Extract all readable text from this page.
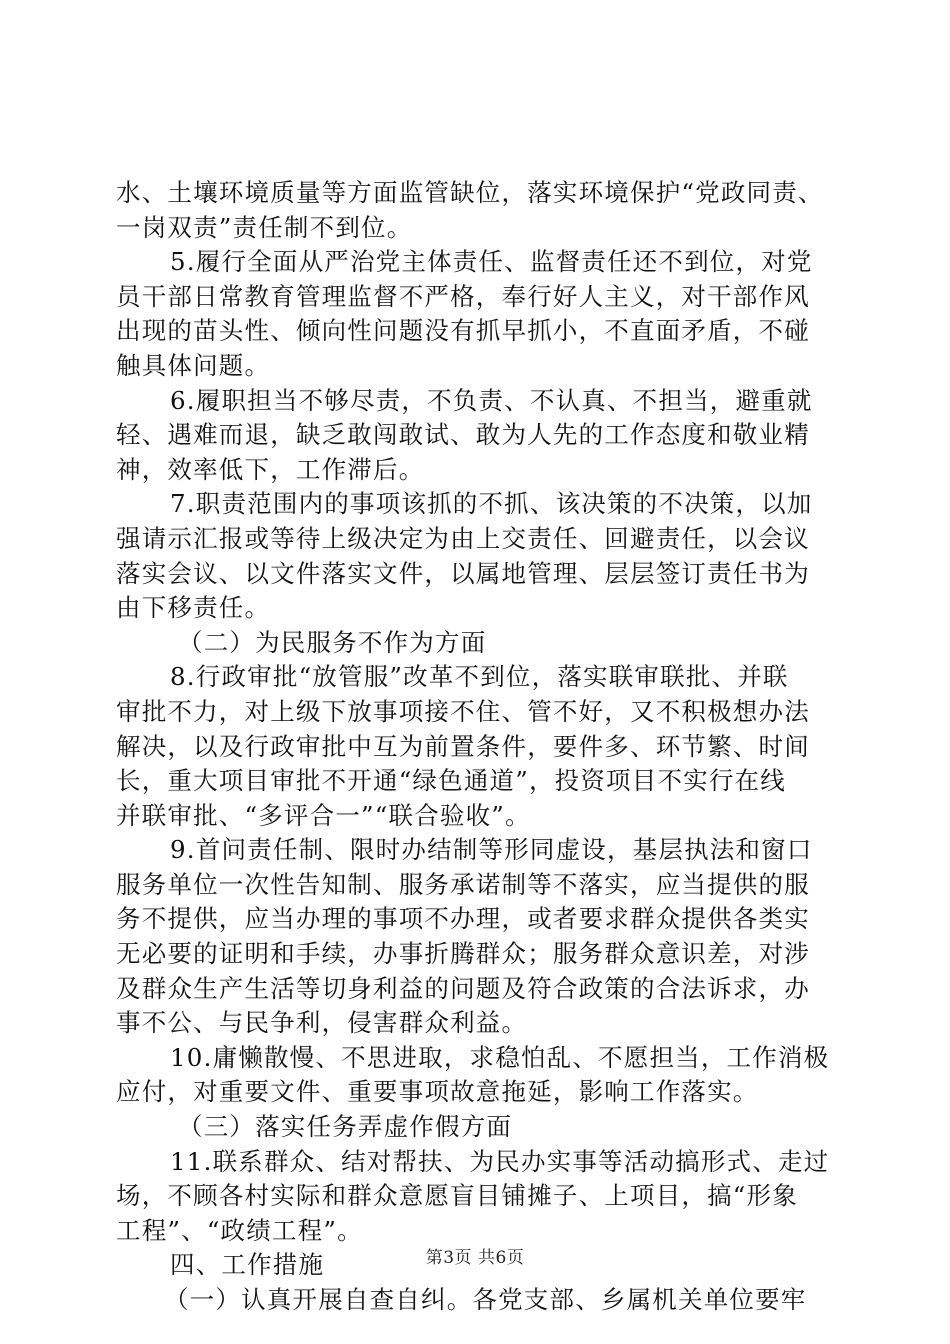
水、土壤环境质量等方面监管缺位，落实环境保护“党政同责、
一岗双责”责任制不到位。
5.履行全面从严治党主体责任、监督责任还不到位，对党
员干部日常教育管理监督不严格，奉行好人主义，对干部作风
出现的苗头性、倾向性问题没有抓早抓小，不直面矛盾，不碰
触具体问题。
6.履职担当不够尽责，不负责、不认真、不担当，避重就
轻、遇难而退，缺乏敢闯敢试、敢为人先的工作态度和敬业精
神，效率低下，工作滞后。
7.职责范围内的事项该抓的不抓、该决策的不决策，以加
强请示汇报或等待上级决定为由上交责任、回避责任，以会议
落实会议、以文件落实文件，以属地管理、层层签订责任书为
由下移责任。
（二）为民服务不作为方面
8.行政审批“放管服”改革不到位，落实联审联批、并联
审批不力，对上级下放事项接不住、管不好，又不积极想办法
解决，以及行政审批中互为前置条件，要件多、环节繁、时间
长，重大项目审批不开通“绿色通道”，投资项目不实行在线
并联审批、“多评合一”“联合验收”。
9.首问责任制、限时办结制等形同虚设，基层执法和窗口
服务单位一次性告知制、服务承诺制等不落实，应当提供的服
务不提供，应当办理的事项不办理，或者要求群众提供各类实
无必要的证明和手续，办事折腾群众；服务群众意识差，对涉
及群众生产生活等切身利益的问题及符合政策的合法诉求，办
事不公、与民争利，侵害群众利益。
10.庸懒散慢、不思进取，求稳怕乱、不愿担当，工作消极
应付，对重要文件、重要事项故意拖延，影响工作落实。
（三）落实任务弄虚作假方面
11.联系群众、结对帮扶、为民办实事等活动搞形式、走过
场，不顾各村实际和群众意愿盲目铺摊子、上项目，搞“形象
工程”、“政绩工程”。
四、工作措施
（一）认真开展自查自纠。各党支部、乡属机关单位要牢
第3页 共6页
